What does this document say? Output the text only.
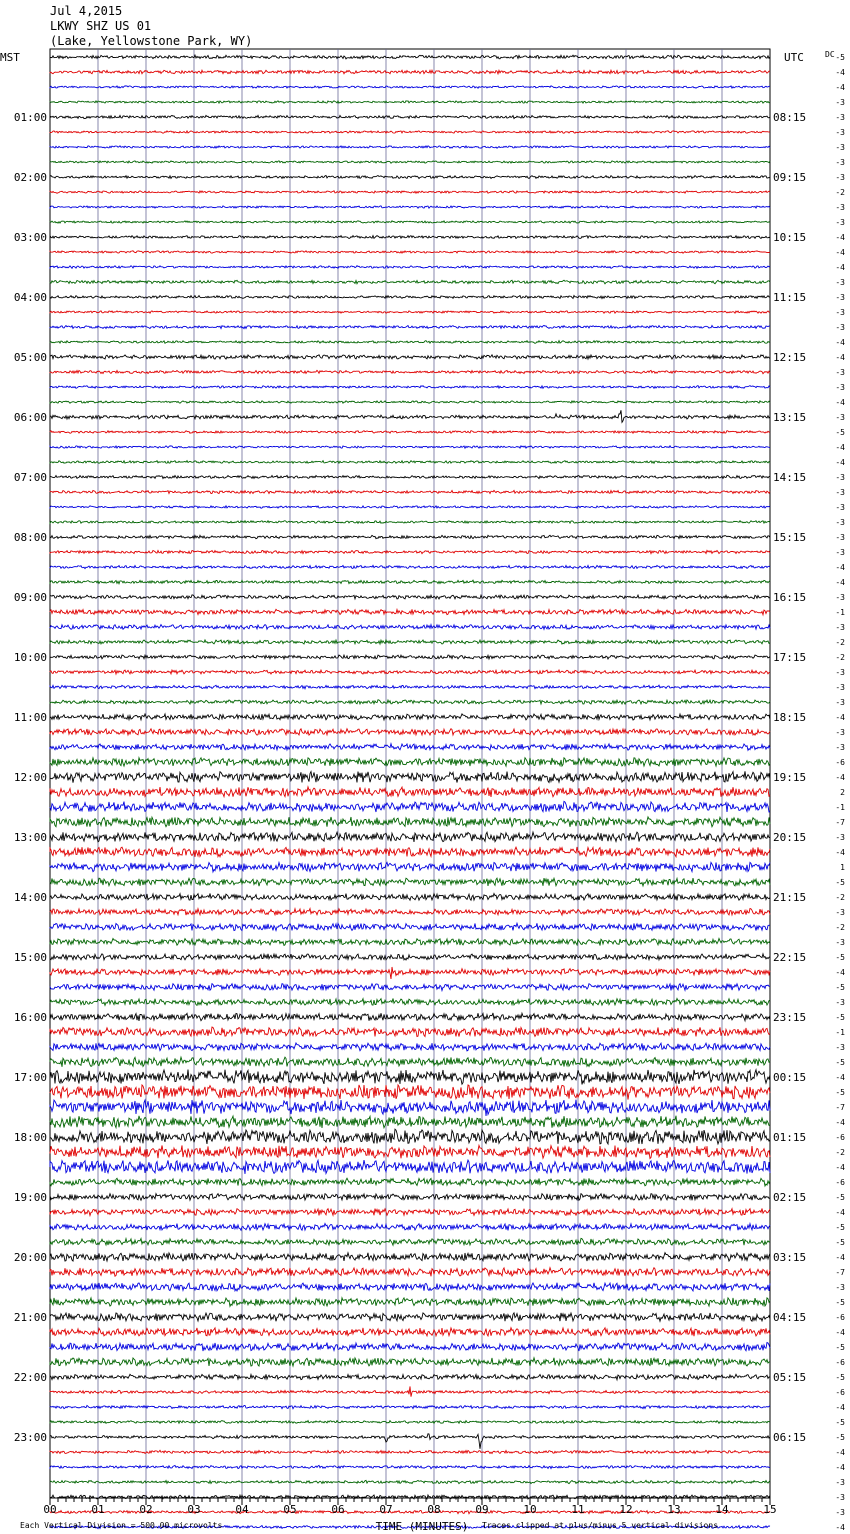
Jul 4,2015
LKWY SHZ US 01
(Lake, Yellowstone Park, WY)
-5
-4
-4
-3
-3
-3
-3
-3
-3
-2
-3
-3
-4
-4
-4
-3
-3
-3
-3
-4
-4
-3
-3
-4
-3
-5
-4
-4
-3
-3
-3
-3
-3
-3
-4
-4
-3
-1
-3
-2
-2
-3
-3
-3
-4
-3
-3
-6
-4
2
-1
-7
-3
-4
1
-5
-2
-3
-2
-3
-5
-4
-5
-3
-5
-1
-3
-5
-4
-5
-7
-4
-6
-2
-4
-6
-5
-4
-5
-5
-4
-7
-3
-5
-6
-4
-5
-6
-5
-6
-4
-5
-5
-4
-4
-3
-3
-3
-4
01:00	08:15
02:00	09:15
03:00	10:15
04:00	11:15
05:00	12:15
06:00	13:15
07:00	14:15
08:00	15:15
09:00	16:15
10:00	17:15
11:00	18:15
12:00	19:15
13:00	20:15
14:00	21:15
15:00	22:15
16:00	23:15
17:00	00:15
18:00	01:15
19:00	02:15
20:00	03:15
21:00	04:15
22:00	05:15
23:00	06:15
MST	UTC	DC
00	01	02	03	04	05	06	07	08	09	10	11	12	13	14	15
TIME (MINUTES)
Each Vertical Division = 500.00 microvolts	Traces clipped at plus/minus 5 vertical divisions
